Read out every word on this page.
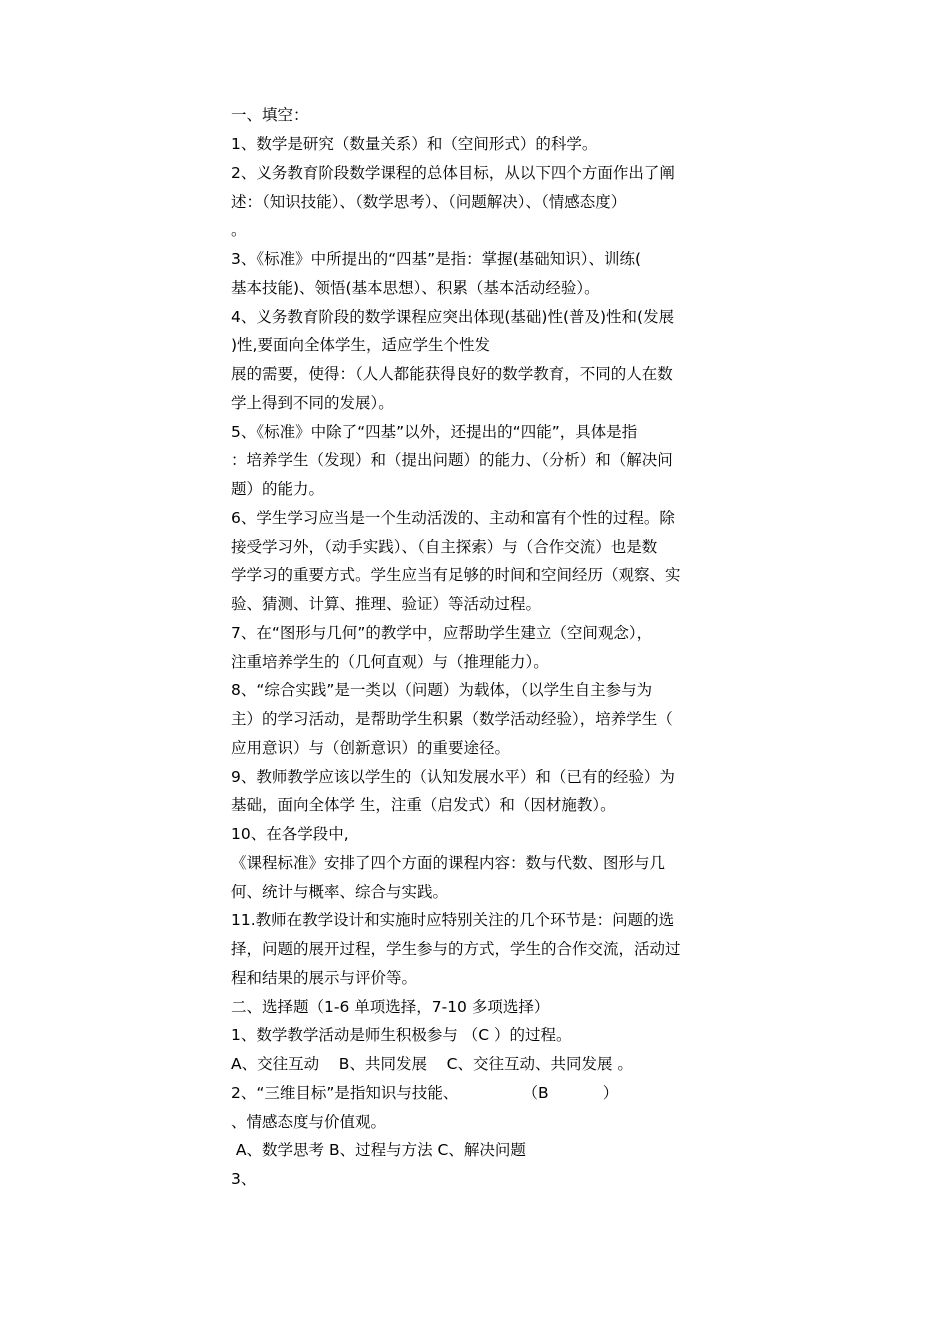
一、填空：
1、数学是研究（数量关系）和（空间形式）的科学。
2、义务教育阶段数学课程的总体目标，从以下四个方面作出了阐
述：（知识技能）、（数学思考）、（问题解决）、（情感态度）
。
3、《标准》中所提出的“四基”是指：掌握(基础知识）、训练(
基本技能)、领悟(基本思想）、积累（基本活动经验）。
4、义务教育阶段的数学课程应突出体现(基础)性(普及)性和(发展
)性,要面向全体学生，适应学生个性发
展的需要，使得：（人人都能获得良好的数学教育，不同的人在数
学上得到不同的发展）。
5、《标准》中除了“四基”以外，还提出的“四能”，具体是指
：培养学生（发现）和（提出问题）的能力、（分析）和（解决问
题）的能力。
6、学生学习应当是一个生动活泼的、主动和富有个性的过程。除
接受学习外，（动手实践）、（自主探索）与（合作交流）也是数
学学习的重要方式。学生应当有足够的时间和空间经历（观察、实
验、猜测、计算、推理、验证）等活动过程。
7、在“图形与几何”的教学中，应帮助学生建立（空间观念），
注重培养学生的（几何直观）与（推理能力）。
8、“综合实践”是一类以（问题）为载体，（以学生自主参与为
主）的学习活动，是帮助学生积累（数学活动经验），培养学生（
应用意识）与（创新意识）的重要途径。
9、教师教学应该以学生的（认知发展水平）和（已有的经验）为
基础，面向全体学 生，注重（启发式）和（因材施教）。
10、在各学段中,
《课程标准》安排了四个方面的课程内容：数与代数、图形与几
何、统计与概率、综合与实践。
11.教师在教学设计和实施时应特别关注的几个环节是：问题的选
择，问题的展开过程，学生参与的方式，学生的合作交流，活动过
程和结果的展示与评价等。
二、选择题（1-6 单项选择，7-10 多项选择）
1、数学教学活动是师生积极参与 （C ）的过程。
A、交往互动    B、共同发展    C、交往互动、共同发展 。
2、“三维目标”是指知识与技能、             （B           ）
、情感态度与价值观。
A、数学思考 B、过程与方法 C、解决问题
3、
